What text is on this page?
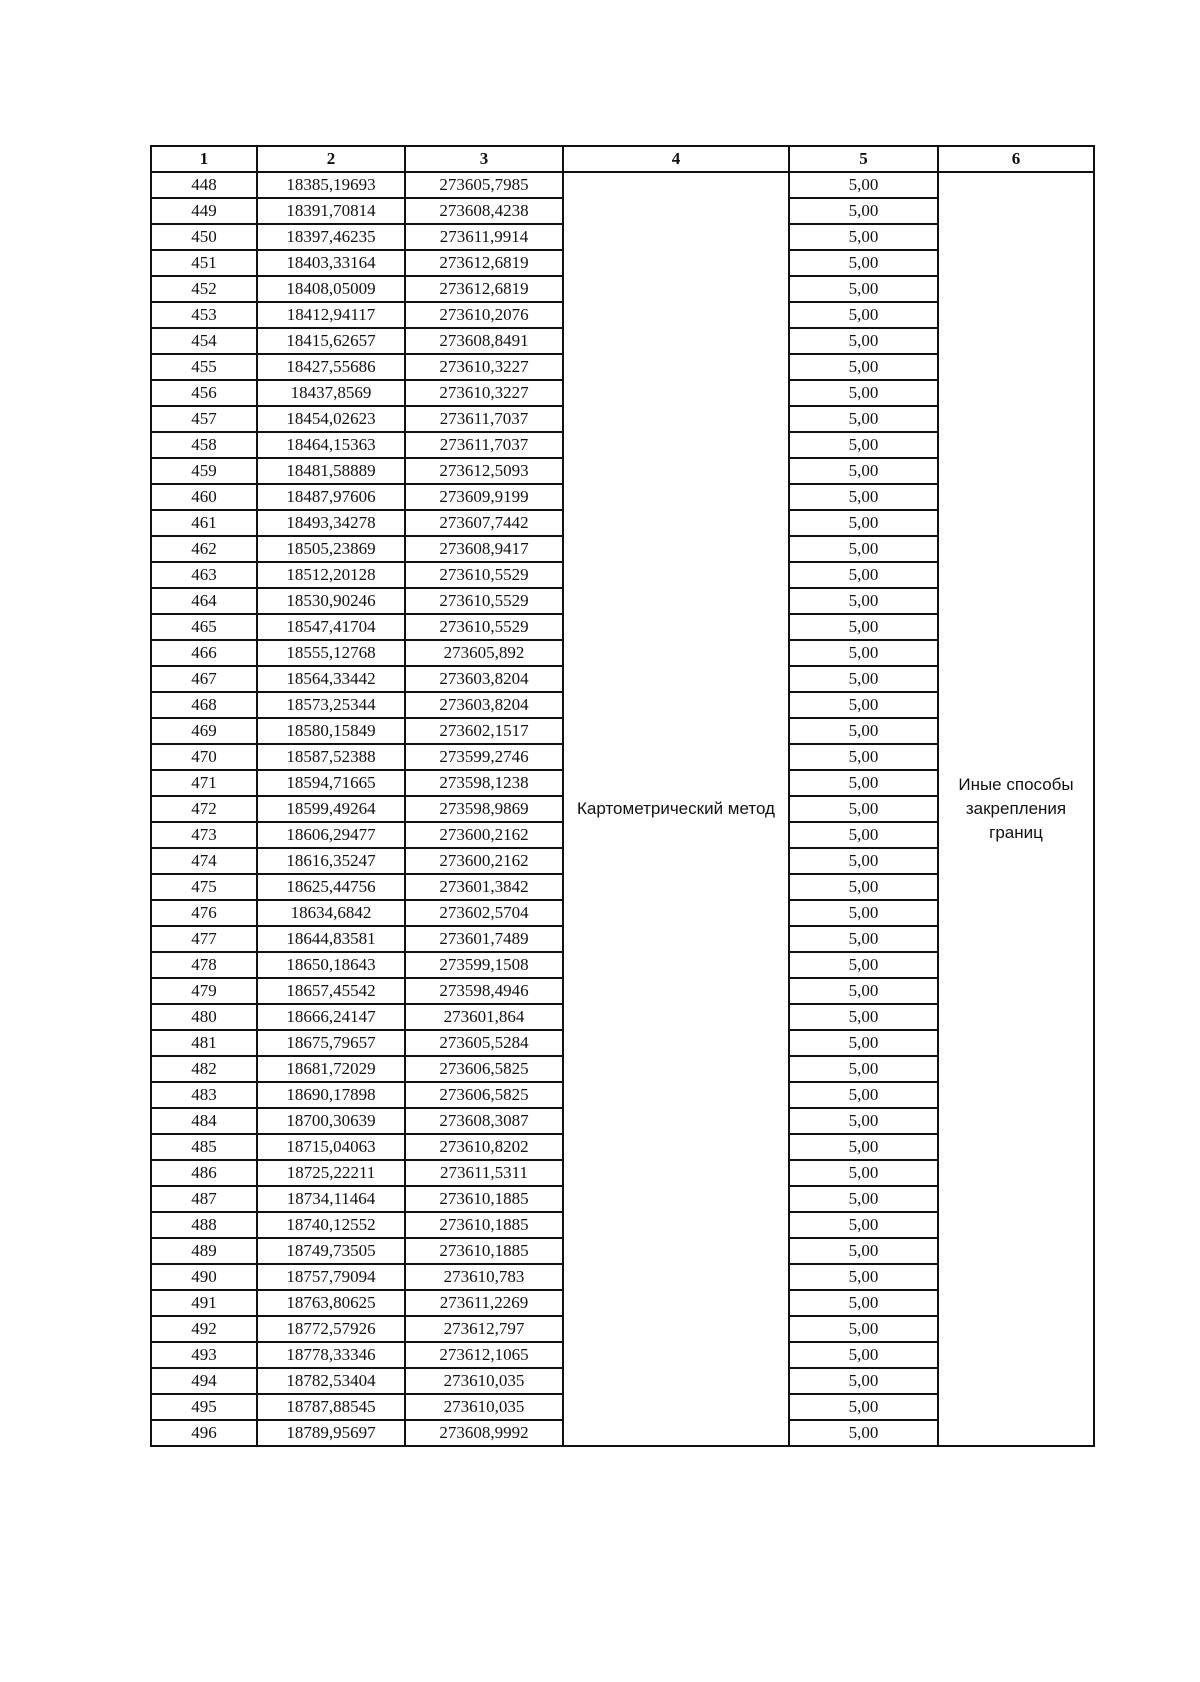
1	2	3	4	5	6
448	18385,19693	273605,7985	Картометрический метод	5,00	Иные способы закрепления границ
449	18391,70814	273608,4238		5,00	
450	18397,46235	273611,9914		5,00	
451	18403,33164	273612,6819		5,00	
452	18408,05009	273612,6819		5,00	
453	18412,94117	273610,2076		5,00	
454	18415,62657	273608,8491		5,00	
455	18427,55686	273610,3227		5,00	
456	18437,8569	273610,3227		5,00	
457	18454,02623	273611,7037		5,00	
458	18464,15363	273611,7037		5,00	
459	18481,58889	273612,5093		5,00	
460	18487,97606	273609,9199		5,00	
461	18493,34278	273607,7442		5,00	
462	18505,23869	273608,9417		5,00	
463	18512,20128	273610,5529		5,00	
464	18530,90246	273610,5529		5,00	
465	18547,41704	273610,5529		5,00	
466	18555,12768	273605,892		5,00	
467	18564,33442	273603,8204		5,00	
468	18573,25344	273603,8204		5,00	
469	18580,15849	273602,1517		5,00	
470	18587,52388	273599,2746		5,00	
471	18594,71665	273598,1238		5,00	
472	18599,49264	273598,9869		5,00	
473	18606,29477	273600,2162		5,00	
474	18616,35247	273600,2162		5,00	
475	18625,44756	273601,3842		5,00	
476	18634,6842	273602,5704		5,00	
477	18644,83581	273601,7489		5,00	
478	18650,18643	273599,1508		5,00	
479	18657,45542	273598,4946		5,00	
480	18666,24147	273601,864		5,00	
481	18675,79657	273605,5284		5,00	
482	18681,72029	273606,5825		5,00	
483	18690,17898	273606,5825		5,00	
484	18700,30639	273608,3087		5,00	
485	18715,04063	273610,8202		5,00	
486	18725,22211	273611,5311		5,00	
487	18734,11464	273610,1885		5,00	
488	18740,12552	273610,1885		5,00	
489	18749,73505	273610,1885		5,00	
490	18757,79094	273610,783		5,00	
491	18763,80625	273611,2269		5,00	
492	18772,57926	273612,797		5,00	
493	18778,33346	273612,1065		5,00	
494	18782,53404	273610,035		5,00	
495	18787,88545	273610,035		5,00	
496	18789,95697	273608,9992		5,00	
